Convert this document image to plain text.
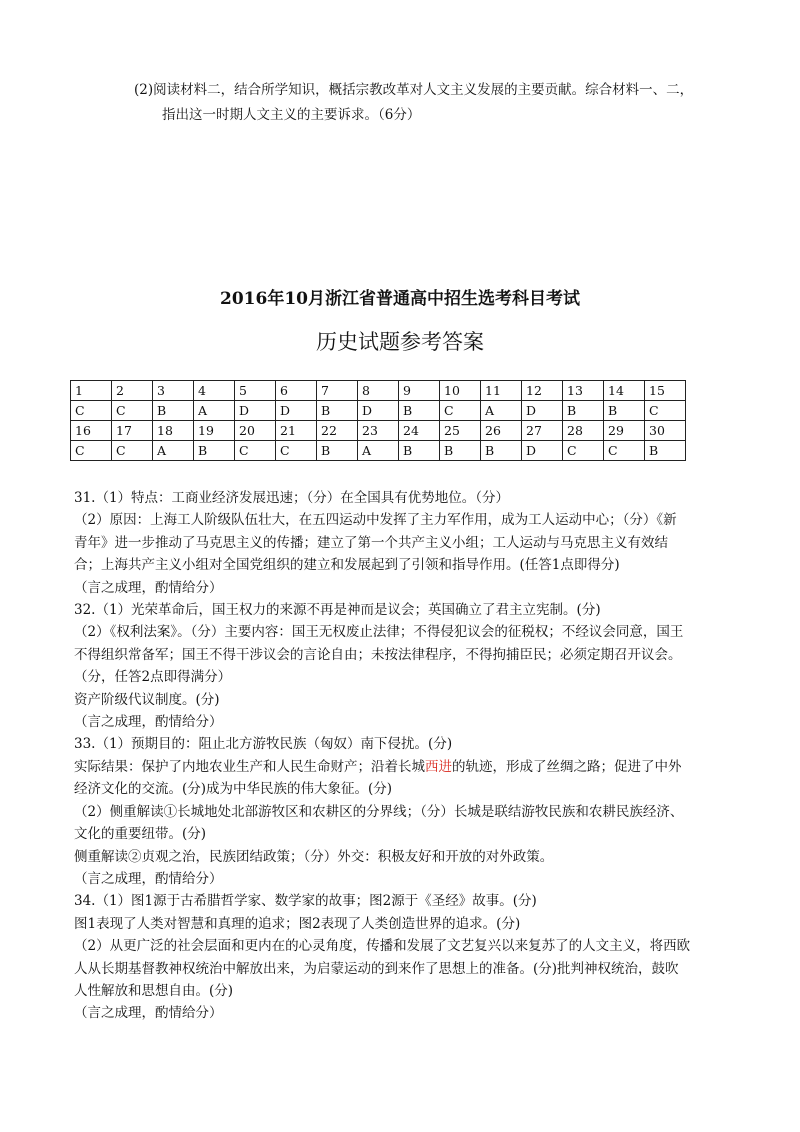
(2)阅读材料二，结合所学知识，概括宗教改革对人文主义发展的主要贡献。综合材料一、二，
指出这一时期人文主义的主要诉求。（6分）
2016年10月浙江省普通高中招生选考科目考试
历史试题参考答案
1	2	3	4	5	6	7	8	9	10	11	12	13	14	15
C	C	B	A	D	D	B	D	B	C	A	D	B	B	C
16	17	18	19	20	21	22	23	24	25	26	27	28	29	30
C	C	A	B	C	C	B	A	B	B	B	D	C	C	B

31.（1）特点：工商业经济发展迅速；（分）在全国具有优势地位。（分）

（2）原因：上海工人阶级队伍壮大，在五四运动中发挥了主力军作用，成为工人运动中心；（分）《新

青年》进一步推动了马克思主义的传播；建立了第一个共产主义小组；工人运动与马克思主义有效结

合；上海共产主义小组对全国党组织的建立和发展起到了引领和指导作用。(任答1点即得分)

（言之成理，酌情给分）

32.（1）光荣革命后，国王权力的来源不再是神而是议会；英国确立了君主立宪制。(分)

（2）《权利法案》。（分）主要内容：国王无权废止法律；不得侵犯议会的征税权；不经议会同意，国王

不得组织常备军；国王不得干涉议会的言论自由；未按法律程序，不得拘捕臣民；必须定期召开议会。

（分，任答2点即得满分）

资产阶级代议制度。(分)

（言之成理，酌情给分）

33.（1）预期目的：阻止北方游牧民族（匈奴）南下侵扰。(分)

实际结果：保护了内地农业生产和人民生命财产；沿着长城西进的轨迹，形成了丝绸之路；促进了中外

经济文化的交流。(分)成为中华民族的伟大象征。(分)

（2）侧重解读①长城地处北部游牧区和农耕区的分界线；（分）长城是联结游牧民族和农耕民族经济、

文化的重要纽带。(分)

侧重解读②贞观之治，民族团结政策；（分）外交：积极友好和开放的对外政策。

（言之成理，酌情给分）

34.（1）图1源于古希腊哲学家、数学家的故事；图2源于《圣经》故事。(分)

图1表现了人类对智慧和真理的追求；图2表现了人类创造世界的追求。(分)

（2）从更广泛的社会层面和更内在的心灵角度，传播和发展了文艺复兴以来复苏了的人文主义，将西欧

人从长期基督教神权统治中解放出来，为启蒙运动的到来作了思想上的准备。(分)批判神权统治，鼓吹

人性解放和思想自由。(分)

（言之成理，酌情给分）
